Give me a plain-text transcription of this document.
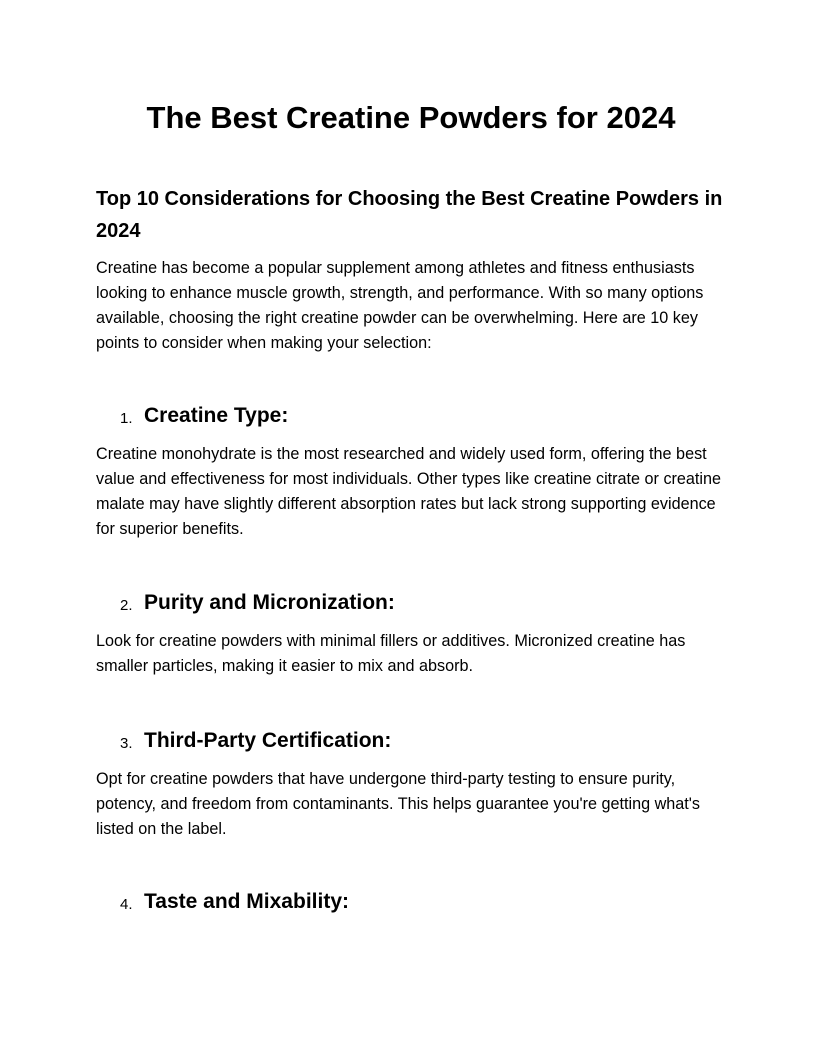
The Best Creatine Powders for 2024
Top 10 Considerations for Choosing the Best Creatine Powders in 2024

Creatine has become a popular supplement among athletes and fitness enthusiasts looking to enhance muscle growth, strength, and performance. With so many options available, choosing the right creatine powder can be overwhelming. Here are 10 key points to consider when making your selection:

1. Creatine Type:

Creatine monohydrate is the most researched and widely used form, offering the best value and effectiveness for most individuals. Other types like creatine citrate or creatine malate may have slightly different absorption rates but lack strong supporting evidence for superior benefits.

2. Purity and Micronization:

Look for creatine powders with minimal fillers or additives. Micronized creatine has smaller particles, making it easier to mix and absorb.

3. Third-Party Certification:

Opt for creatine powders that have undergone third-party testing to ensure purity, potency, and freedom from contaminants. This helps guarantee you're getting what's listed on the label.

4. Taste and Mixability:
